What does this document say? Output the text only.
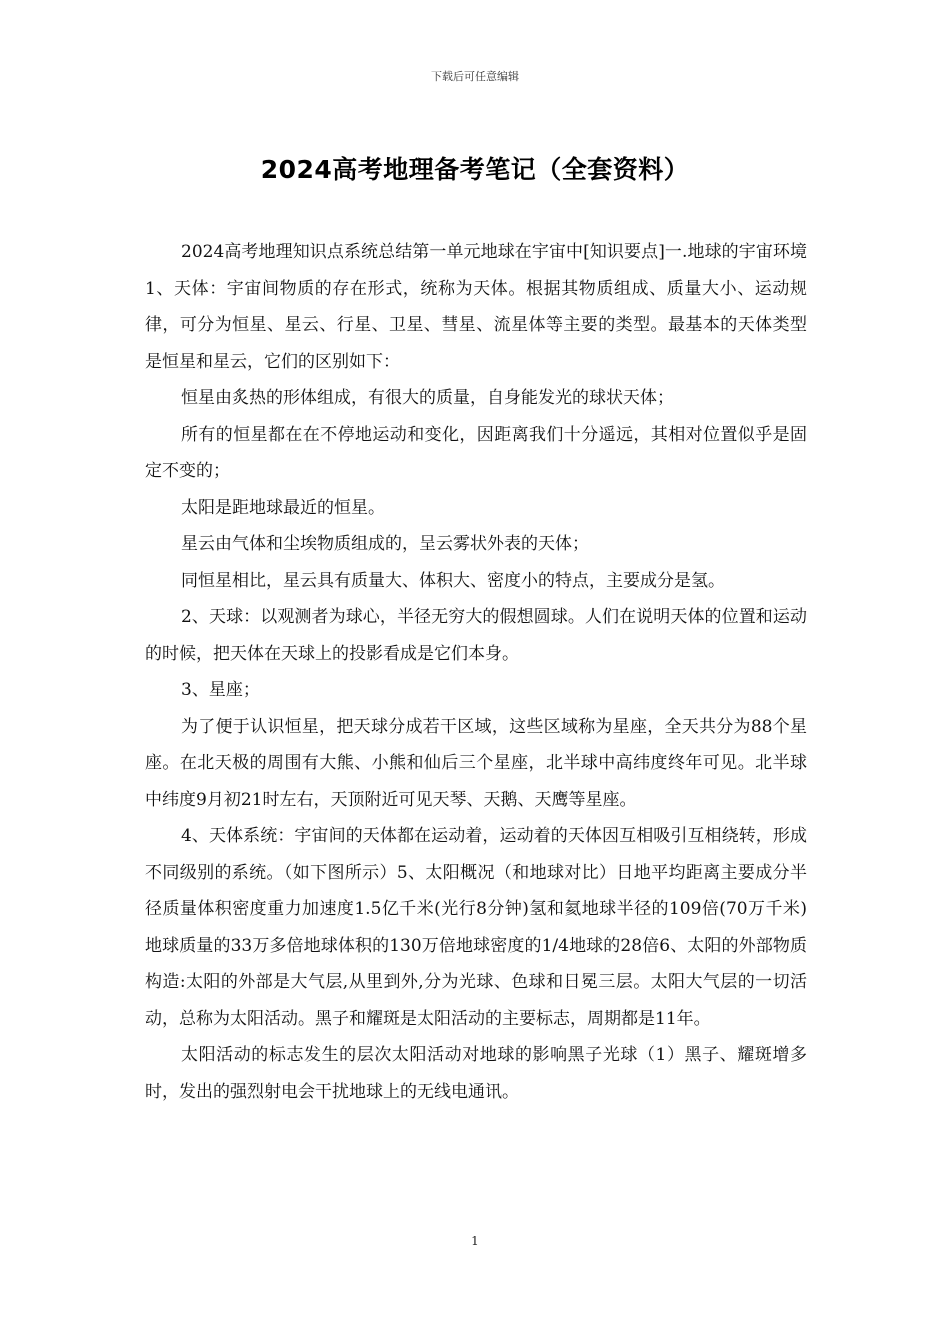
下载后可任意编辑
2024高考地理备考笔记（全套资料）

2024高考地理知识点系统总结第一单元地球在宇宙中[知识要点]一.地球的宇宙环境1、天体：宇宙间物质的存在形式，统称为天体。根据其物质组成、质量大小、运动规律，可分为恒星、星云、行星、卫星、彗星、流星体等主要的类型。最基本的天体类型是恒星和星云，它们的区别如下：

恒星由炙热的形体组成，有很大的质量，自身能发光的球状天体；

所有的恒星都在在不停地运动和变化，因距离我们十分遥远，其相对位置似乎是固定不变的；

太阳是距地球最近的恒星。

星云由气体和尘埃物质组成的，呈云雾状外表的天体；

同恒星相比，星云具有质量大、体积大、密度小的特点，主要成分是氢。

2、天球：以观测者为球心，半径无穷大的假想圆球。人们在说明天体的位置和运动的时候，把天体在天球上的投影看成是它们本身。

3、星座；

为了便于认识恒星，把天球分成若干区域，这些区域称为星座，全天共分为88个星座。在北天极的周围有大熊、小熊和仙后三个星座，北半球中高纬度终年可见。北半球中纬度9月初21时左右，天顶附近可见天琴、天鹅、天鹰等星座。

4、天体系统：宇宙间的天体都在运动着，运动着的天体因互相吸引互相绕转，形成不同级别的系统。（如下图所示）5、太阳概况（和地球对比）日地平均距离主要成分半径质量体积密度重力加速度1.5亿千米(光行8分钟)氢和氦地球半径的109倍(70万千米)地球质量的33万多倍地球体积的130万倍地球密度的1/4地球的28倍6、太阳的外部物质构造:太阳的外部是大气层,从里到外,分为光球、色球和日冕三层。太阳大气层的一切活动，总称为太阳活动。黑子和耀斑是太阳活动的主要标志，周期都是11年。

太阳活动的标志发生的层次太阳活动对地球的影响黑子光球（1）黑子、耀斑增多时，发出的强烈射电会干扰地球上的无线电通讯。

1
